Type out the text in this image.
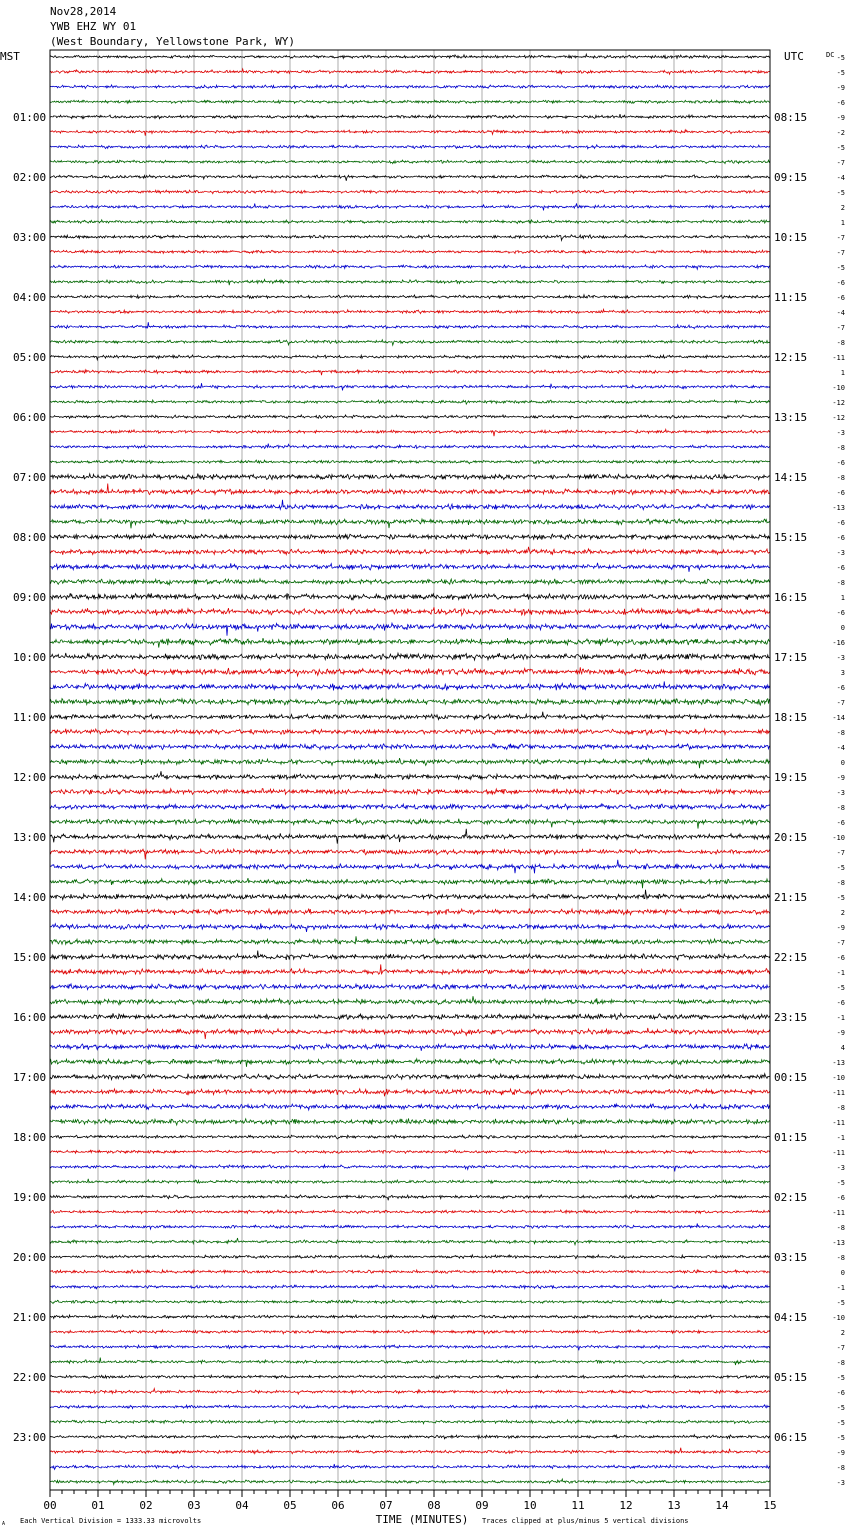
Nov28,2014
YWB EHZ WY 01
(West Boundary, Yellowstone Park, WY)
00	01	02	03	04	05	06	07	08	09	10	11	12	13	14	15
01:00
02:00
03:00
04:00
05:00
06:00
07:00
08:00
09:00
10:00
11:00
12:00
13:00
14:00
15:00
16:00
17:00
18:00
19:00
20:00
21:00
22:00
23:00
08:15
09:15
10:15
11:15
12:15
13:15
14:15
15:15
16:15
17:15
18:15
19:15
20:15
21:15
22:15
23:15
00:15
01:15
02:15
03:15
04:15
05:15
06:15
-5
-5
-9
-6
-9
-2
-5
-7
-4
-5
2
1
-7
-7
-5
-6
-6
-4
-7
-8
-11
1
-10
-12
-12
-3
-8
-6
-8
-6
-13
-6
-6
-3
-6
-8
1
-6
0
-16
-3
3
-6
-7
-14
-8
-4
0
-9
-3
-8
-6
-10
-7
-5
-8
-5
2
-9
-7
-6
-1
-5
-6
-1
-9
4
-13
-10
-11
-8
-11
-1
-11
-3
-5
-6
-11
-8
-13
-8
0
-1
-5
-10
2
-7
-8
-5
-6
-5
-5
-5
-9
-8
-3
MST	UTC	DC
TIME (MINUTES)
Each Vertical Division = 1333.33 microvolts	Traces clipped at plus/minus 5 vertical divisions
A
